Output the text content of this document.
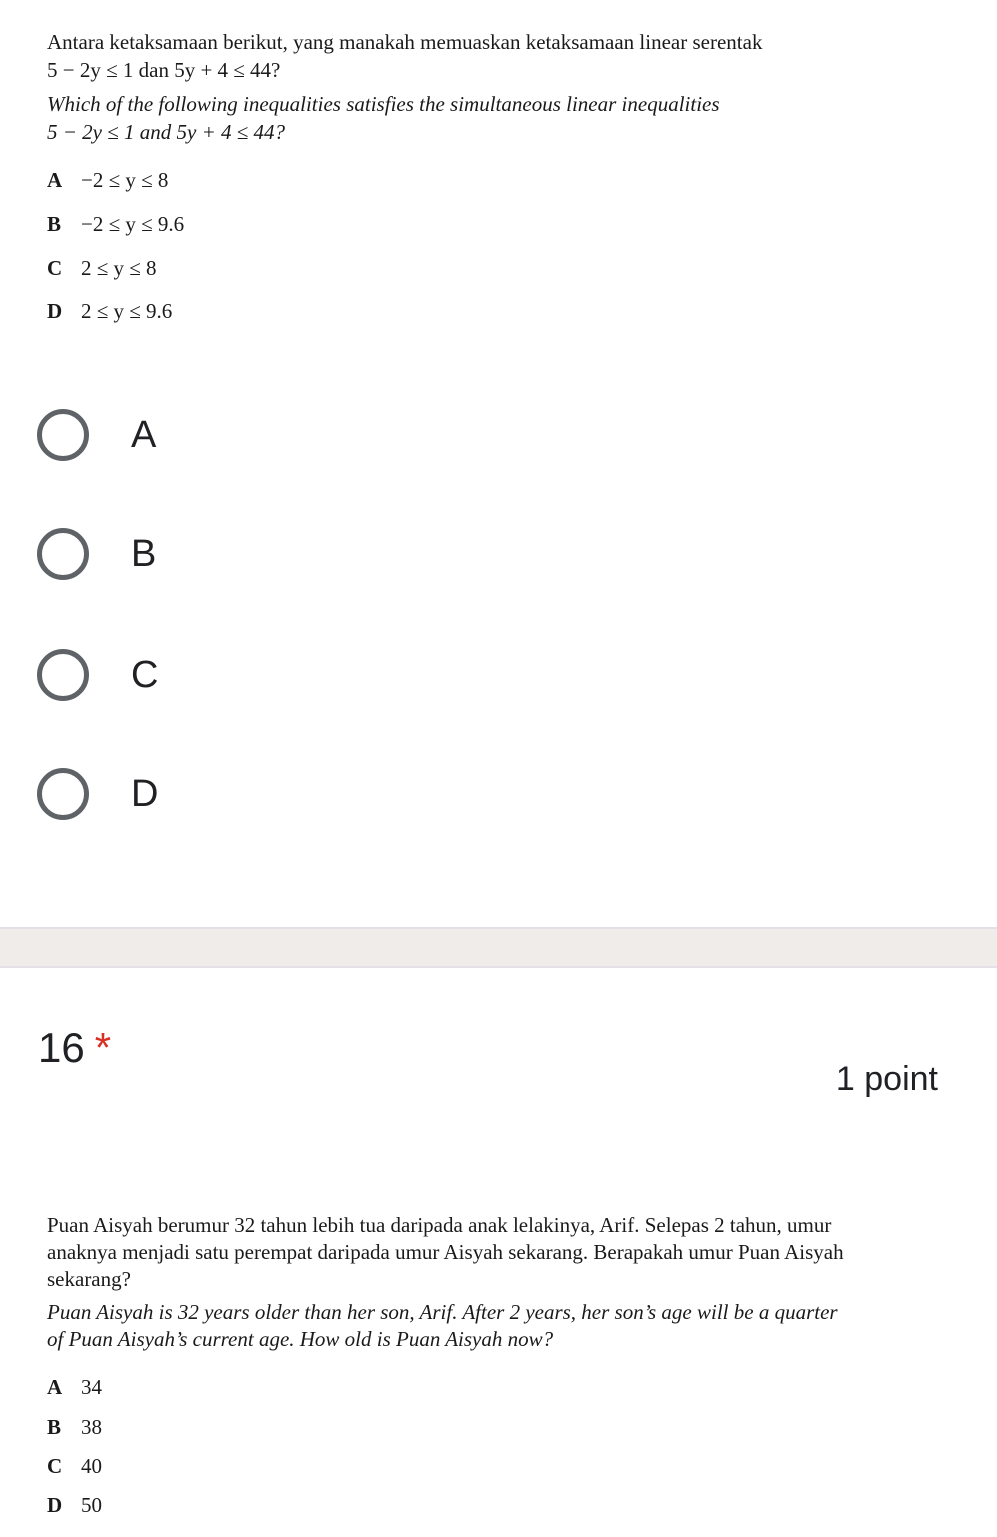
Antara ketaksamaan berikut, yang manakah memuaskan ketaksamaan linear serentak

5 − 2y ≤ 1 dan 5y + 4 ≤ 44?

Which of the following inequalities satisfies the simultaneous linear inequalities

5 − 2y ≤ 1 and 5y + 4 ≤ 44?

A −2 ≤ y ≤ 8
B −2 ≤ y ≤ 9.6
C 2 ≤ y ≤ 8
D 2 ≤ y ≤ 9.6
A
B
C
D
16 *
1 point

Puan Aisyah berumur 32 tahun lebih tua daripada anak lelakinya, Arif. Selepas 2 tahun, umur

anaknya menjadi satu perempat daripada umur Aisyah sekarang. Berapakah umur Puan Aisyah

sekarang?

Puan Aisyah is 32 years older than her son, Arif. After 2 years, her son’s age will be a quarter

of Puan Aisyah’s current age. How old is Puan Aisyah now?

A 34
B 38
C 40
D 50
